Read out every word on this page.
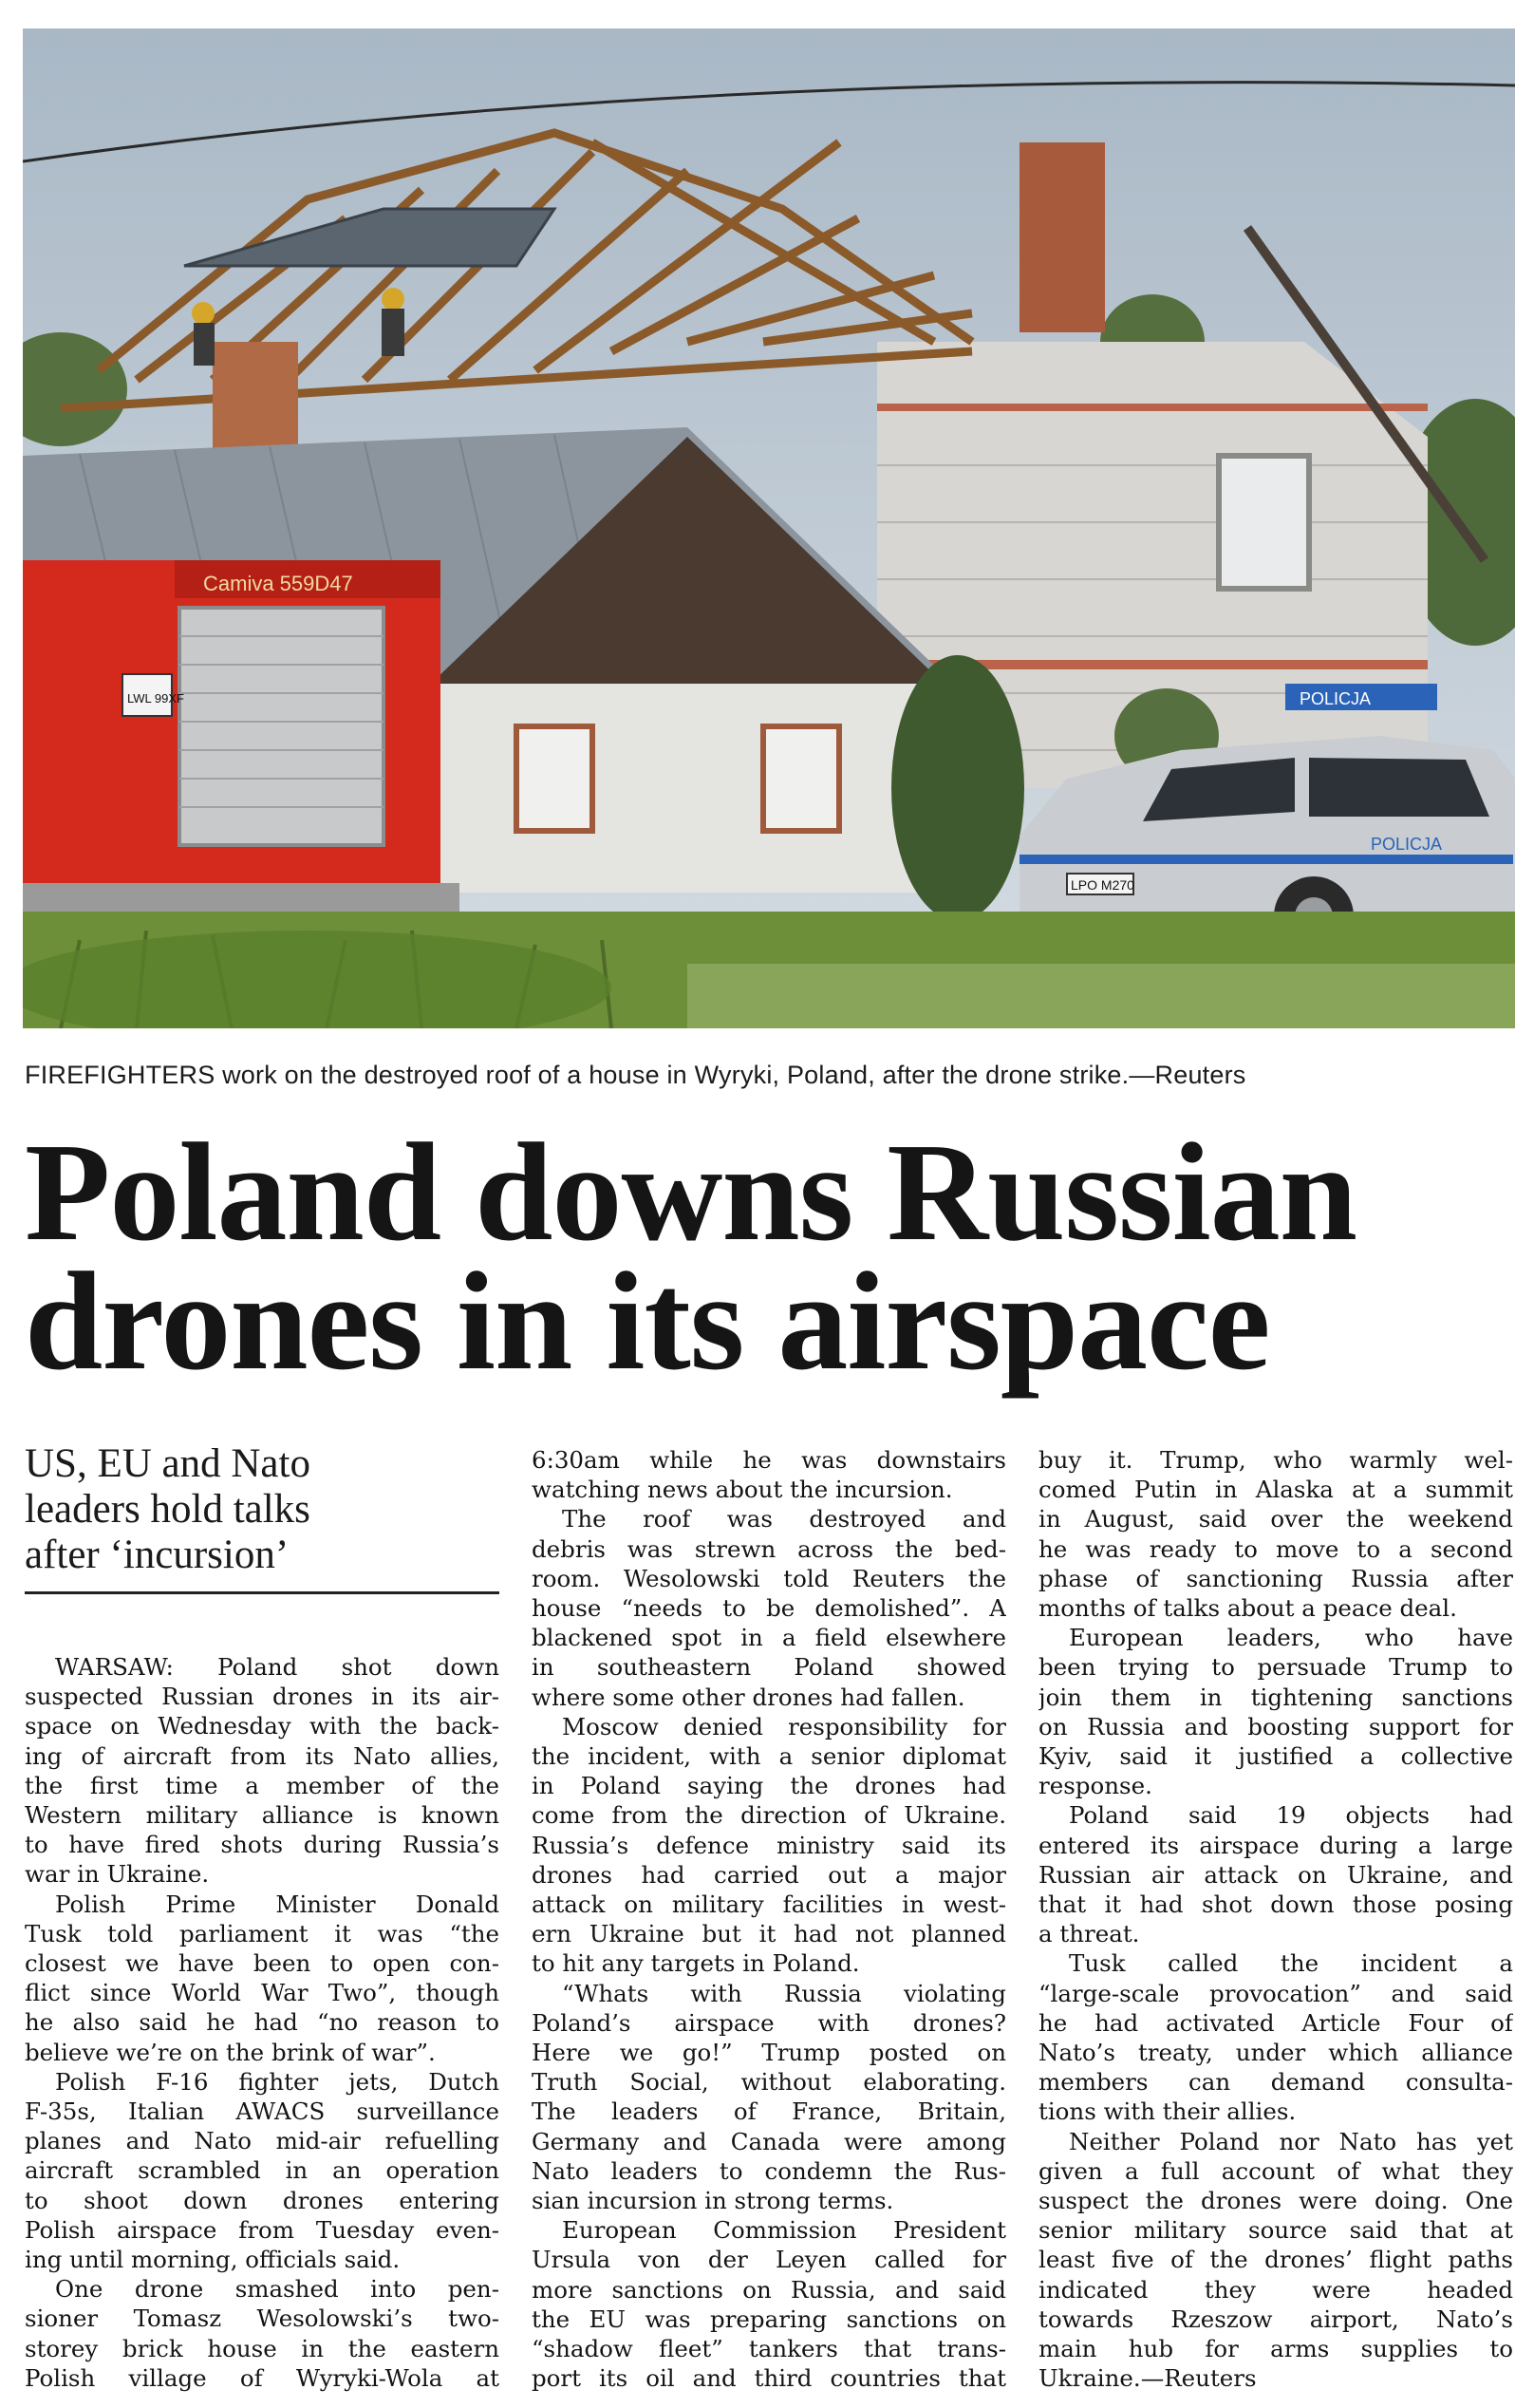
Camiva 559D47
LWL 99XF	POLICJA
POLICJA
LPO M270
FIREFIGHTERS work on the destroyed roof of a house in Wyryki, Poland, after the drone strike.—Reuters
Poland downs Russian
drones in its airspace
US, EU and Nato
leaders hold talks
after ‘incursion’
WARSAW: Poland shot down
suspected Russian drones in its air-
space on Wednesday with the back-
ing of aircraft from its Nato allies,
the first time a member of the
Western military alliance is known
to have fired shots during Russia’s
war in Ukraine.
Polish Prime Minister Donald
Tusk told parliament it was “the
closest we have been to open con-
flict since World War Two”, though
he also said he had “no reason to
believe we’re on the brink of war”.
Polish F-16 fighter jets, Dutch
F-35s, Italian AWACS surveillance
planes and Nato mid-air refuelling
aircraft scrambled in an operation
to shoot down drones entering
Polish airspace from Tuesday even-
ing until morning, officials said.
One drone smashed into pen-
sioner Tomasz Wesolowski’s two-
storey brick house in the eastern
Polish village of Wyryki-Wola at
6:30am while he was downstairs
watching news about the incursion.
The roof was destroyed and
debris was strewn across the bed-
room. Wesolowski told Reuters the
house “needs to be demolished”. A
blackened spot in a field elsewhere
in southeastern Poland showed
where some other drones had fallen.
Moscow denied responsibility for
the incident, with a senior diplomat
in Poland saying the drones had
come from the direction of Ukraine.
Russia’s defence ministry said its
drones had carried out a major
attack on military facilities in west-
ern Ukraine but it had not planned
to hit any targets in Poland.
“Whats with Russia violating
Poland’s airspace with drones?
Here we go!” Trump posted on
Truth Social, without elaborating.
The leaders of France, Britain,
Germany and Canada were among
Nato leaders to condemn the Rus-
sian incursion in strong terms.
European Commission President
Ursula von der Leyen called for
more sanctions on Russia, and said
the EU was preparing sanctions on
“shadow fleet” tankers that trans-
port its oil and third countries that
buy it. Trump, who warmly wel-
comed Putin in Alaska at a summit
in August, said over the weekend
he was ready to move to a second
phase of sanctioning Russia after
months of talks about a peace deal.
European leaders, who have
been trying to persuade Trump to
join them in tightening sanctions
on Russia and boosting support for
Kyiv, said it justified a collective
response.
Poland said 19 objects had
entered its airspace during a large
Russian air attack on Ukraine, and
that it had shot down those posing
a threat.
Tusk called the incident a
“large-scale provocation” and said
he had activated Article Four of
Nato’s treaty, under which alliance
members can demand consulta-
tions with their allies.
Neither Poland nor Nato has yet
given a full account of what they
suspect the drones were doing. One
senior military source said that at
least five of the drones’ flight paths
indicated they were headed
towards Rzeszow airport, Nato’s
main hub for arms supplies to
Ukraine.—Reuters
